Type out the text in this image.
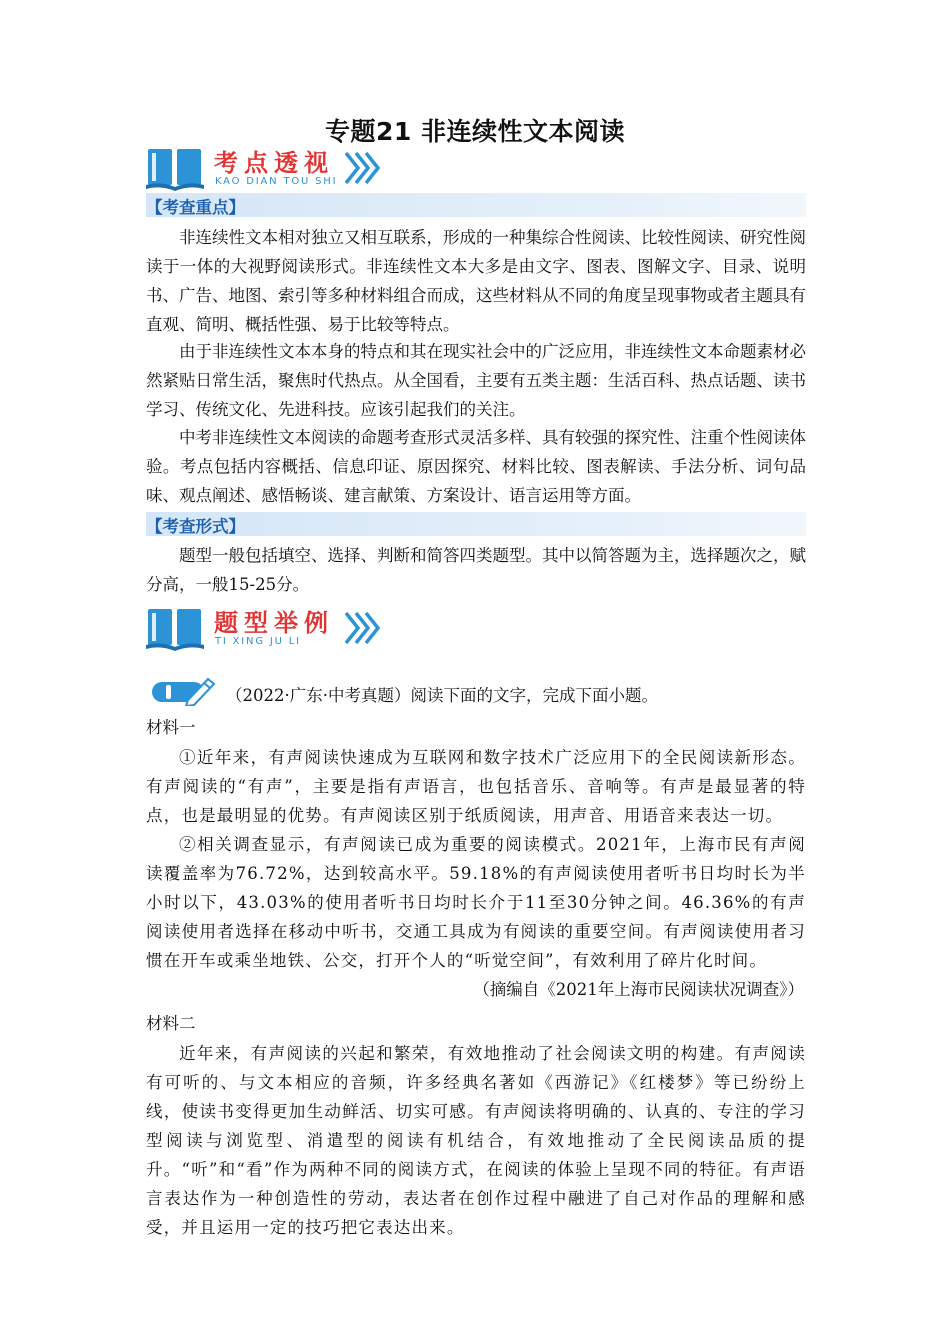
专题21 非连续性文本阅读
考点透视
KAO DIAN TOU SHI
【考查重点】

非连续性文本相对独立又相互联系，形成的一种集综合性阅读、比较性阅读、研究性阅读于一体的大视野阅读形式。非连续性文本大多是由文字、图表、图解文字、目录、说明书、广告、地图、索引等多种材料组合而成，这些材料从不同的角度呈现事物或者主题具有直观、简明、概括性强、易于比较等特点。

由于非连续性文本本身的特点和其在现实社会中的广泛应用，非连续性文本命题素材必然紧贴日常生活，聚焦时代热点。从全国看，主要有五类主题：生活百科、热点话题、读书学习、传统文化、先进科技。应该引起我们的关注。

中考非连续性文本阅读的命题考查形式灵活多样、具有较强的探究性、注重个性阅读体验。考点包括内容概括、信息印证、原因探究、材料比较、图表解读、手法分析、词句品味、观点阐述、感悟畅谈、建言献策、方案设计、语言运用等方面。

【考查形式】

题型一般包括填空、选择、判断和简答四类题型。其中以简答题为主，选择题次之，赋分高，一般15-25分。

题型举例
TI XING JU LI
（2022·广东·中考真题）阅读下面的文字，完成下面小题。
材料一

①近年来，有声阅读快速成为互联网和数字技术广泛应用下的全民阅读新形态。有声阅读的“有声”，主要是指有声语言，也包括音乐、音响等。有声是最显著的特点，也是最明显的优势。有声阅读区别于纸质阅读，用声音、用语音来表达一切。

②相关调查显示，有声阅读已成为重要的阅读模式。2021年，上海市民有声阅读覆盖率为76.72%，达到较高水平。59.18%的有声阅读使用者听书日均时长为半小时以下，43.03%的使用者听书日均时长介于11至30分钟之间。46.36%的有声阅读使用者选择在移动中听书，交通工具成为有阅读的重要空间。有声阅读使用者习惯在开车或乘坐地铁、公交，打开个人的“听觉空间”，有效利用了碎片化时间。

（摘编自《2021年上海市民阅读状况调查》）
材料二

近年来，有声阅读的兴起和繁荣，有效地推动了社会阅读文明的构建。有声阅读有可听的、与文本相应的音频，许多经典名著如《西游记》《红楼梦》等已纷纷上线，使读书变得更加生动鲜活、切实可感。有声阅读将明确的、认真的、专注的学习型阅读与浏览型、消遣型的阅读有机结合，有效地推动了全民阅读品质的提升。“听”和“看”作为两种不同的阅读方式，在阅读的体验上呈现不同的特征。有声语言表达作为一种创造性的劳动，表达者在创作过程中融进了自己对作品的理解和感受，并且运用一定的技巧把它表达出来。
